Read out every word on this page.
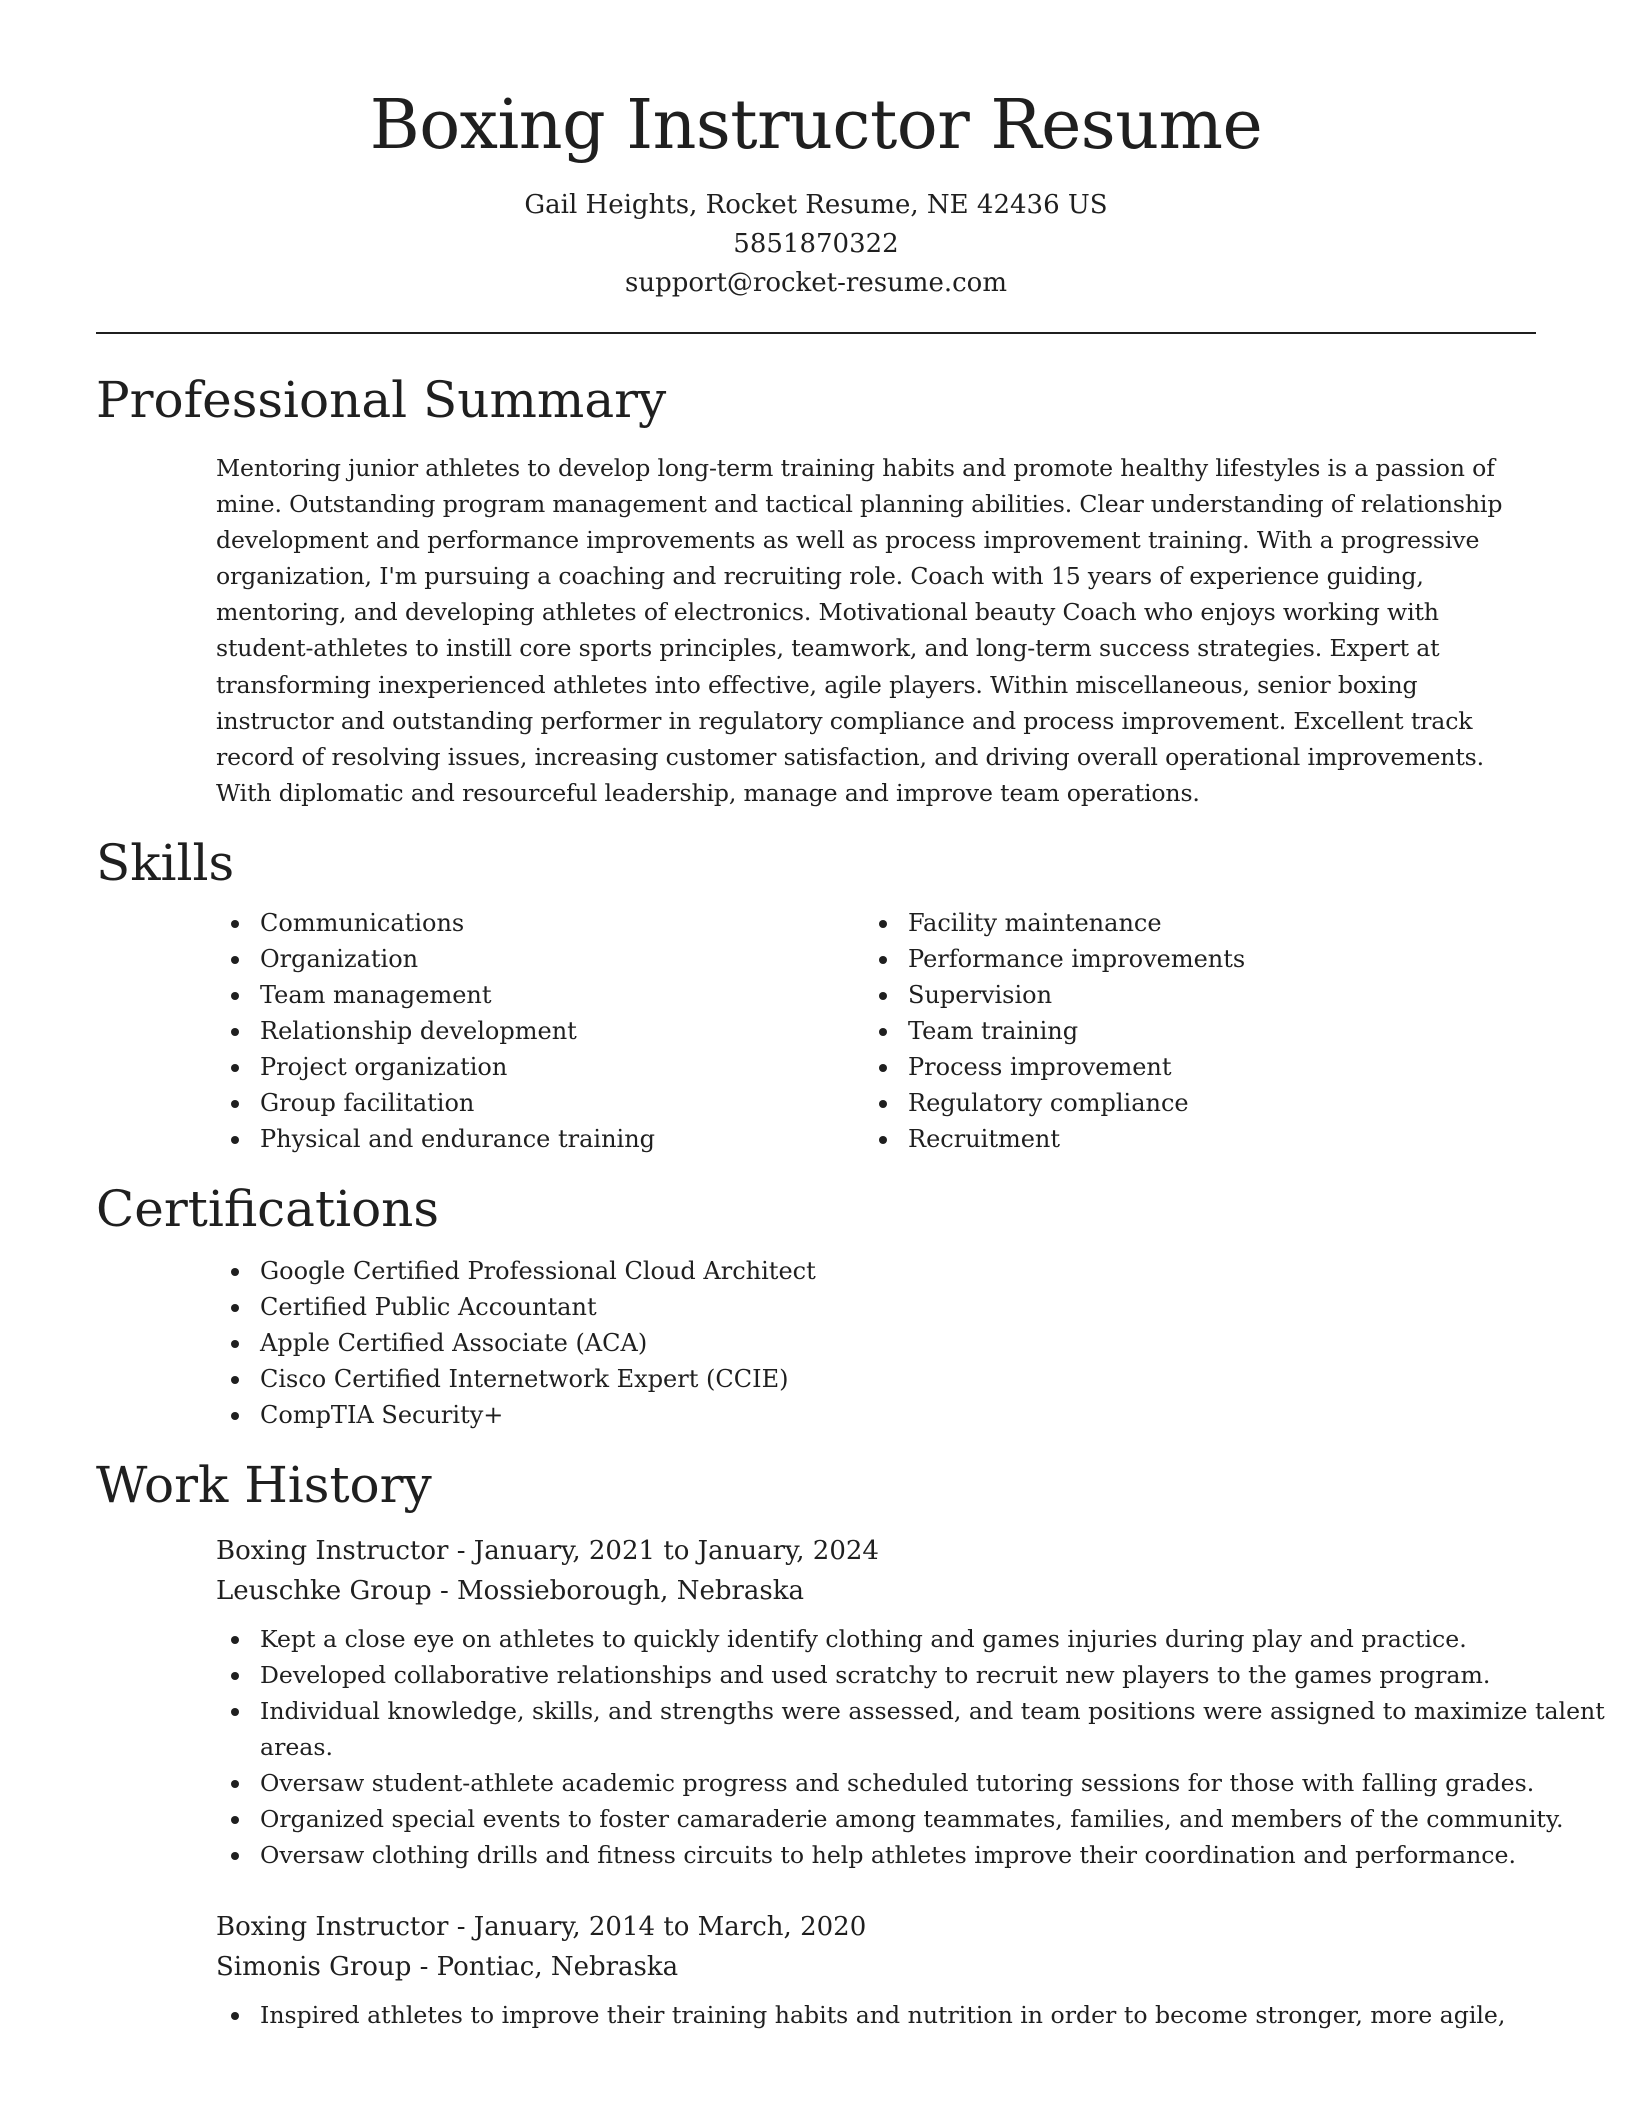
Boxing Instructor Resume
Gail Heights, Rocket Resume, NE 42436 US
5851870322
support@rocket-resume.com
Professional Summary

Mentoring junior athletes to develop long-term training habits and promote healthy lifestyles is a passion of mine. Outstanding program management and tactical planning abilities. Clear understanding of relationship development and performance improvements as well as process improvement training. With a progressive organization, I'm pursuing a coaching and recruiting role. Coach with 15 years of experience guiding, mentoring, and developing athletes of electronics. Motivational beauty Coach who enjoys working with student-athletes to instill core sports principles, teamwork, and long-term success strategies. Expert at transforming inexperienced athletes into effective, agile players. Within miscellaneous, senior boxing instructor and outstanding performer in regulatory compliance and process improvement. Excellent track record of resolving issues, increasing customer satisfaction, and driving overall operational improvements. With diplomatic and resourceful leadership, manage and improve team operations.

Skills
Communications
Organization
Team management
Relationship development
Project organization
Group facilitation
Physical and endurance training
Facility maintenance
Performance improvements
Supervision
Team training
Process improvement
Regulatory compliance
Recruitment
Certifications
Google Certified Professional Cloud Architect
Certified Public Accountant
Apple Certified Associate (ACA)
Cisco Certified Internetwork Expert (CCIE)
CompTIA Security+
Work History
Boxing Instructor - January, 2021 to January, 2024
Leuschke Group - Mossieborough, Nebraska
Kept a close eye on athletes to quickly identify clothing and games injuries during play and practice.
Developed collaborative relationships and used scratchy to recruit new players to the games program.
Individual knowledge, skills, and strengths were assessed, and team positions were assigned to maximize talent areas.
Oversaw student-athlete academic progress and scheduled tutoring sessions for those with falling grades.
Organized special events to foster camaraderie among teammates, families, and members of the community.
Oversaw clothing drills and fitness circuits to help athletes improve their coordination and performance.
Boxing Instructor - January, 2014 to March, 2020
Simonis Group - Pontiac, Nebraska
Inspired athletes to improve their training habits and nutrition in order to become stronger, more agile,
